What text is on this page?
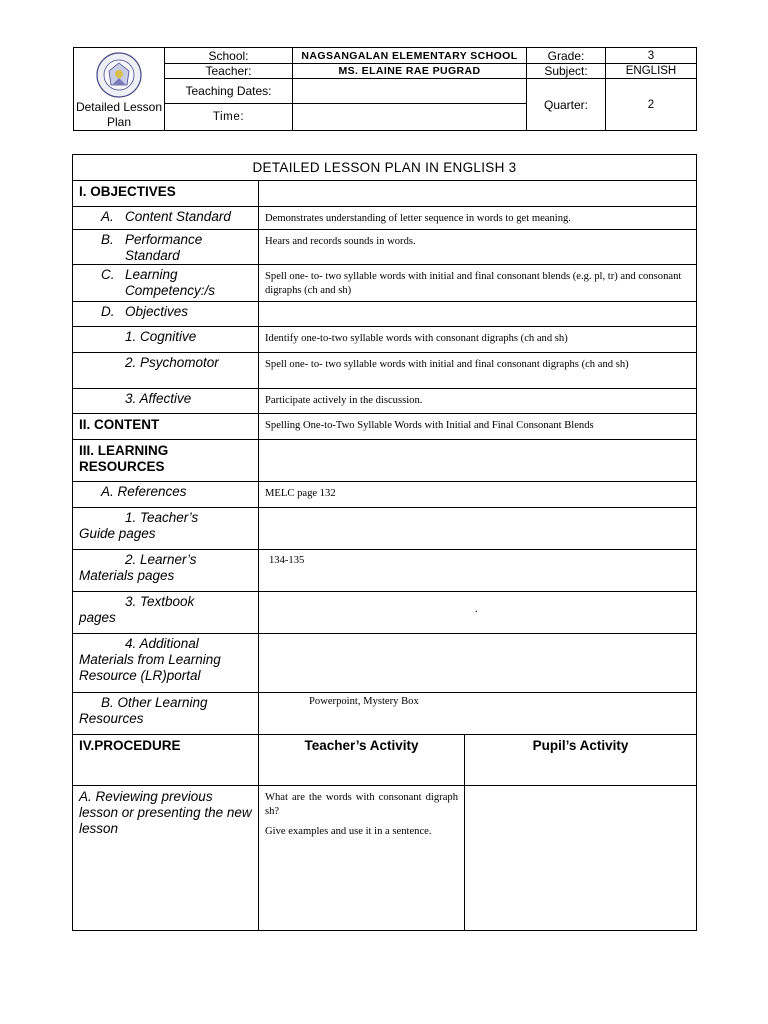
Detailed Lesson Plan	School:	NAGSANGALAN ELEMENTARY SCHOOL	Grade:	3
	Teacher:	MS. ELAINE RAE PUGRAD	Subject:	ENGLISH
	Teaching Dates:		Quarter:	2
	Time:			
DETAILED LESSON PLAN IN ENGLISH 3		
I. OBJECTIVES		

A. Content Standard	Demonstrates understanding of letter sequence in words to get meaning.	

B. Performance Standard	Hears and records sounds in words.	

C. Learning Competency:/s	Spell one- to- two syllable words with initial and final consonant blends (e.g. pl, tr) and consonant digraphs (ch and sh)	

D. Objectives		

1. Cognitive	Identify one-to-two syllable words with consonant digraphs (ch and sh)	
2. Psychomotor	Spell one- to- two syllable words with initial and final consonant digraphs (ch and sh)	
3. Affective	Participate actively in the discussion.	
II. CONTENT	Spelling One-to-Two Syllable Words with Initial and Final Consonant Blends	
III. LEARNING RESOURCES		
A. References	MELC page 132	

1. Teacher’s
Guide pages		

2. Learner’s
Materials pages	134-135	

3. Textbook
pages	.	

4. Additional
Materials from Learning
Resource (LR)portal		

B. Other Learning
Resources	Powerpoint, Mystery Box	
IV.PROCEDURE	Teacher’s Activity	Pupil’s Activity
A. Reviewing previous lesson or presenting the new lesson	What are the words with consonant digraph sh?

Give examples and use it in a sentence.	
